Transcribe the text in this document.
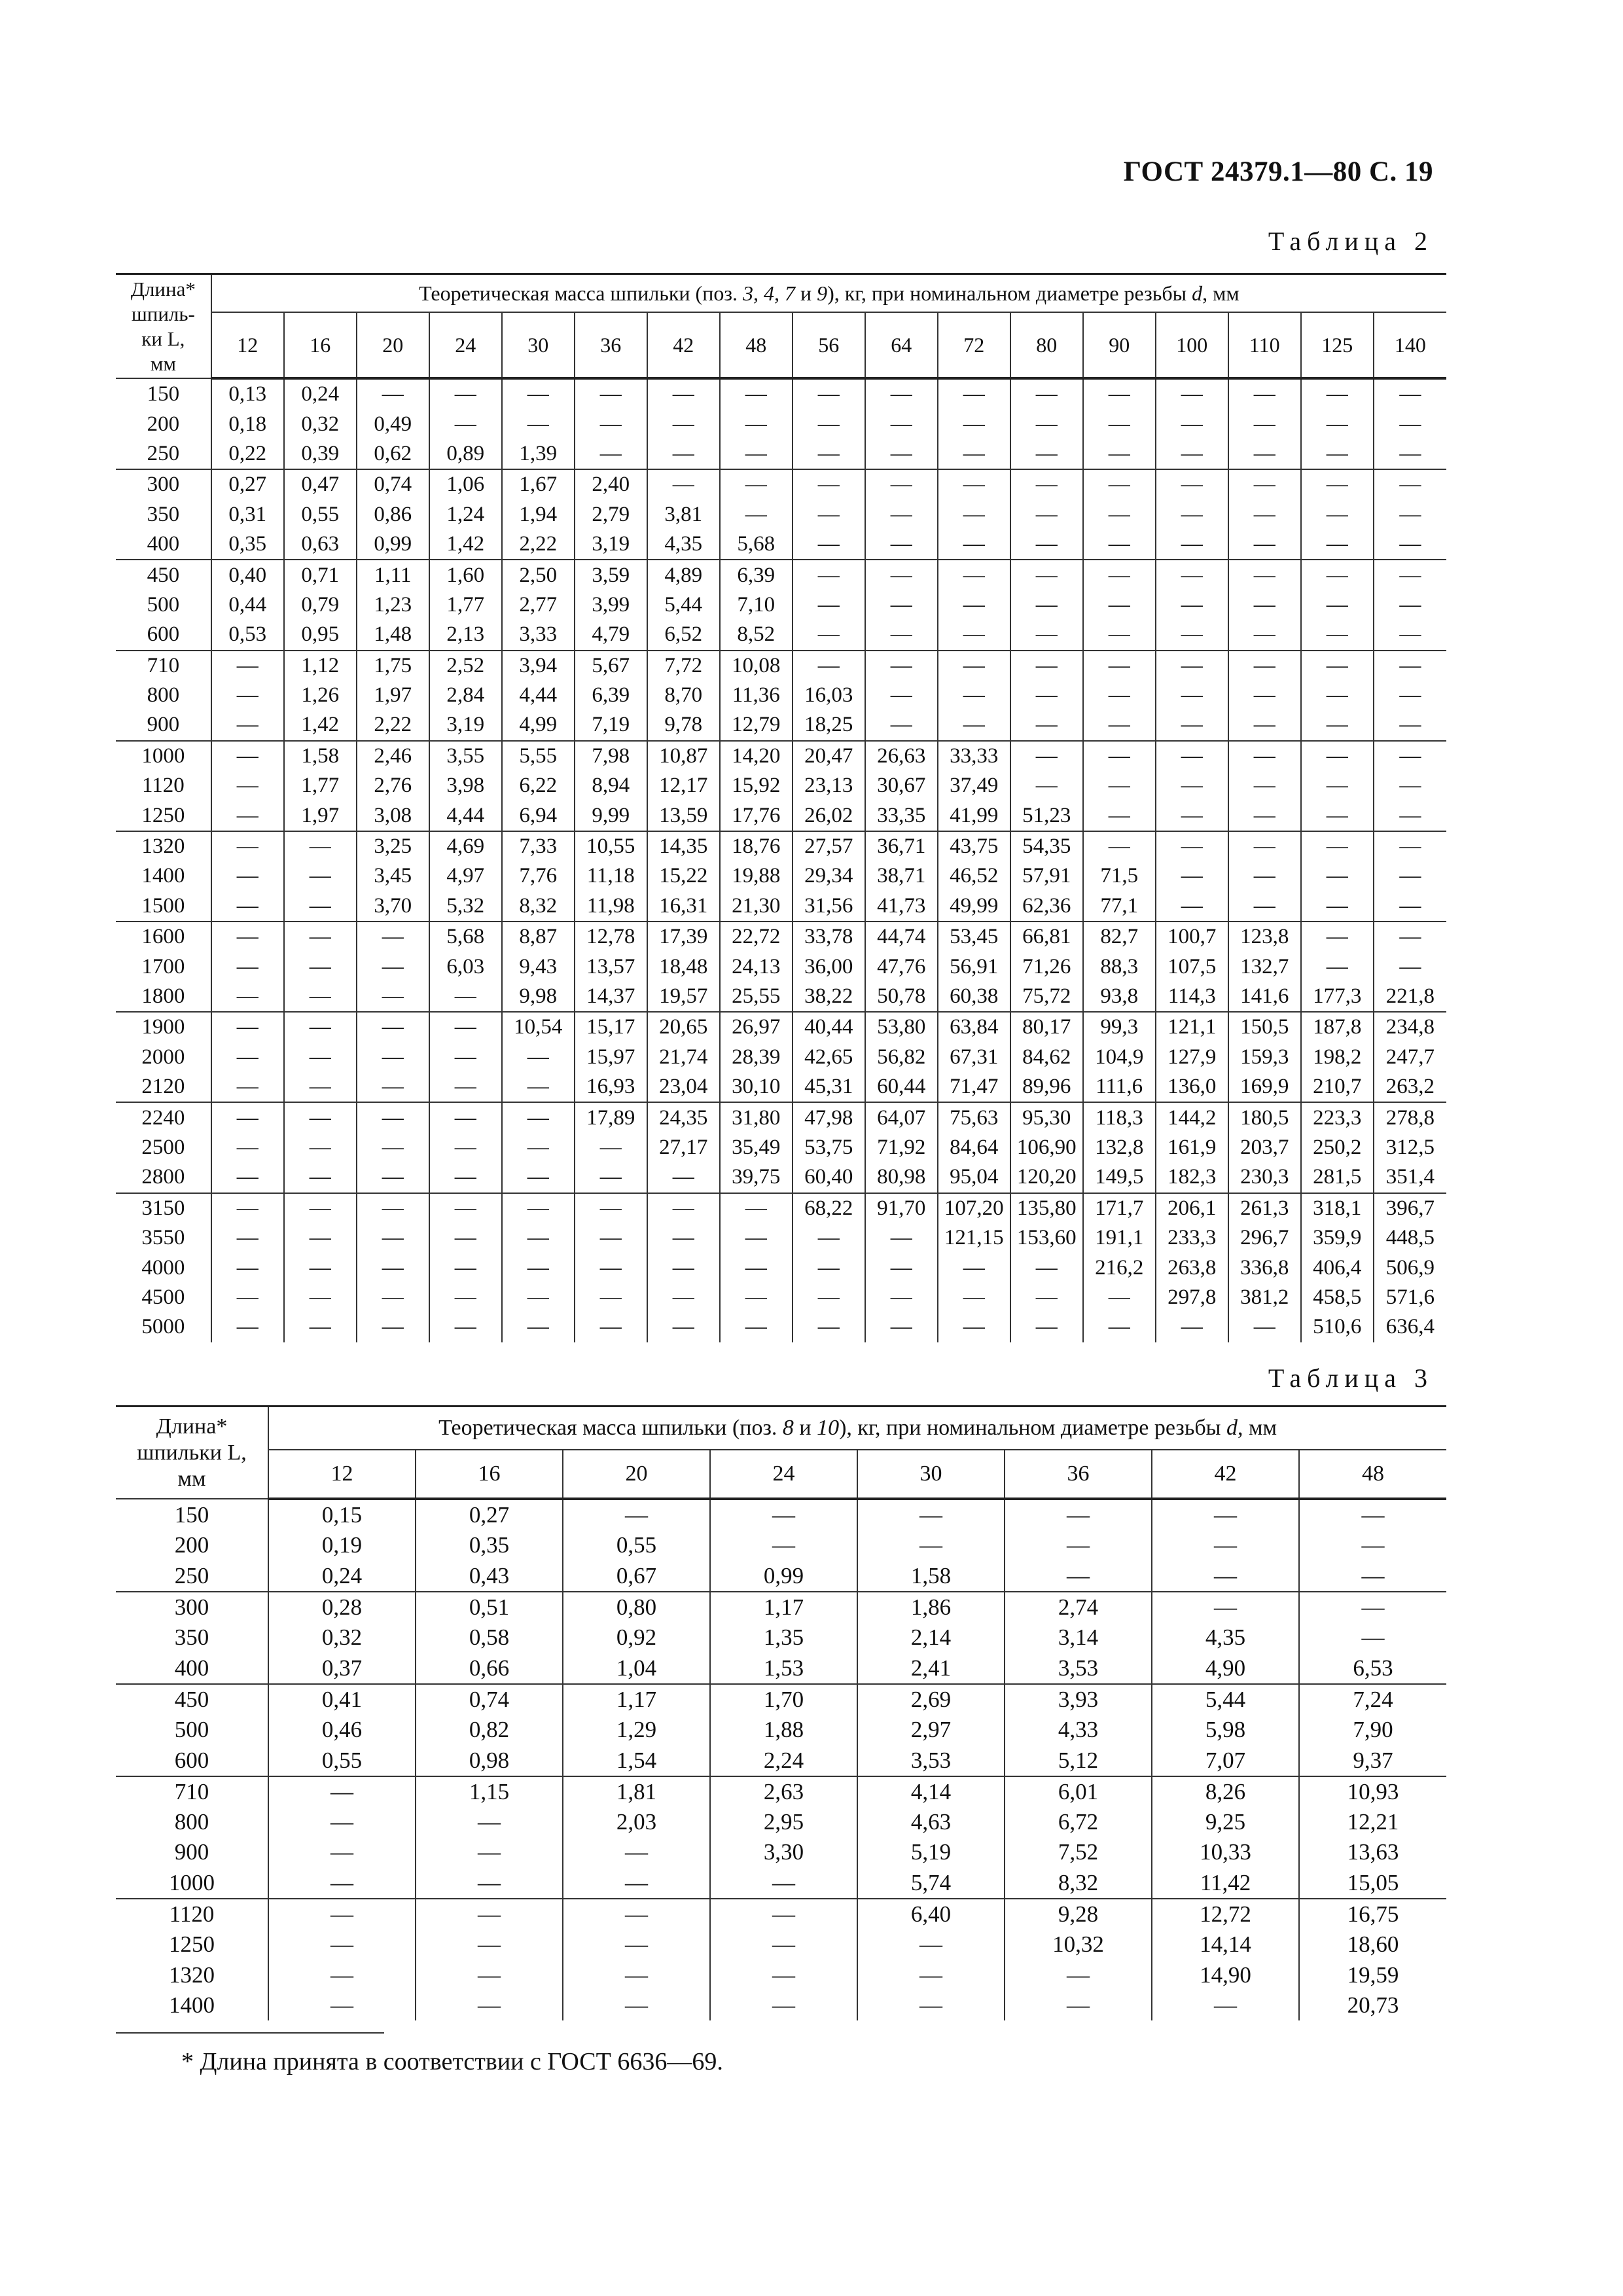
ГОСТ 24379.1—80 С. 19
Таблица 2
Длина*
шпиль-
ки L,
мм	Теоретическая масса шпильки (поз. 3, 4, 7 и 9), кг, при номинальном диаметре резьбы d, мм																
	12	16	20	24	30	36	42	48	56	64	72	80	90	100	110	125	140
150	0,13	0,24	—	—	—	—	—	—	—	—	—	—	—	—	—	—	—
200	0,18	0,32	0,49	—	—	—	—	—	—	—	—	—	—	—	—	—	—
250	0,22	0,39	0,62	0,89	1,39	—	—	—	—	—	—	—	—	—	—	—	—
300	0,27	0,47	0,74	1,06	1,67	2,40	—	—	—	—	—	—	—	—	—	—	—
350	0,31	0,55	0,86	1,24	1,94	2,79	3,81	—	—	—	—	—	—	—	—	—	—
400	0,35	0,63	0,99	1,42	2,22	3,19	4,35	5,68	—	—	—	—	—	—	—	—	—
450	0,40	0,71	1,11	1,60	2,50	3,59	4,89	6,39	—	—	—	—	—	—	—	—	—
500	0,44	0,79	1,23	1,77	2,77	3,99	5,44	7,10	—	—	—	—	—	—	—	—	—
600	0,53	0,95	1,48	2,13	3,33	4,79	6,52	8,52	—	—	—	—	—	—	—	—	—
710	—	1,12	1,75	2,52	3,94	5,67	7,72	10,08	—	—	—	—	—	—	—	—	—
800	—	1,26	1,97	2,84	4,44	6,39	8,70	11,36	16,03	—	—	—	—	—	—	—	—
900	—	1,42	2,22	3,19	4,99	7,19	9,78	12,79	18,25	—	—	—	—	—	—	—	—
1000	—	1,58	2,46	3,55	5,55	7,98	10,87	14,20	20,47	26,63	33,33	—	—	—	—	—	—
1120	—	1,77	2,76	3,98	6,22	8,94	12,17	15,92	23,13	30,67	37,49	—	—	—	—	—	—
1250	—	1,97	3,08	4,44	6,94	9,99	13,59	17,76	26,02	33,35	41,99	51,23	—	—	—	—	—
1320	—	—	3,25	4,69	7,33	10,55	14,35	18,76	27,57	36,71	43,75	54,35	—	—	—	—	—
1400	—	—	3,45	4,97	7,76	11,18	15,22	19,88	29,34	38,71	46,52	57,91	71,5	—	—	—	—
1500	—	—	3,70	5,32	8,32	11,98	16,31	21,30	31,56	41,73	49,99	62,36	77,1	—	—	—	—
1600	—	—	—	5,68	8,87	12,78	17,39	22,72	33,78	44,74	53,45	66,81	82,7	100,7	123,8	—	—
1700	—	—	—	6,03	9,43	13,57	18,48	24,13	36,00	47,76	56,91	71,26	88,3	107,5	132,7	—	—
1800	—	—	—	—	9,98	14,37	19,57	25,55	38,22	50,78	60,38	75,72	93,8	114,3	141,6	177,3	221,8
1900	—	—	—	—	10,54	15,17	20,65	26,97	40,44	53,80	63,84	80,17	99,3	121,1	150,5	187,8	234,8
2000	—	—	—	—	—	15,97	21,74	28,39	42,65	56,82	67,31	84,62	104,9	127,9	159,3	198,2	247,7
2120	—	—	—	—	—	16,93	23,04	30,10	45,31	60,44	71,47	89,96	111,6	136,0	169,9	210,7	263,2
2240	—	—	—	—	—	17,89	24,35	31,80	47,98	64,07	75,63	95,30	118,3	144,2	180,5	223,3	278,8
2500	—	—	—	—	—	—	27,17	35,49	53,75	71,92	84,64	106,90	132,8	161,9	203,7	250,2	312,5
2800	—	—	—	—	—	—	—	39,75	60,40	80,98	95,04	120,20	149,5	182,3	230,3	281,5	351,4
3150	—	—	—	—	—	—	—	—	68,22	91,70	107,20	135,80	171,7	206,1	261,3	318,1	396,7
3550	—	—	—	—	—	—	—	—	—	—	121,15	153,60	191,1	233,3	296,7	359,9	448,5
4000	—	—	—	—	—	—	—	—	—	—	—	—	216,2	263,8	336,8	406,4	506,9
4500	—	—	—	—	—	—	—	—	—	—	—	—	—	297,8	381,2	458,5	571,6
5000	—	—	—	—	—	—	—	—	—	—	—	—	—	—	—	510,6	636,4
Таблица 3
Длина*
шпильки L,
мм	Теоретическая масса шпильки (поз. 8 и 10), кг, при номинальном диаметре резьбы d, мм							
	12	16	20	24	30	36	42	48
150	0,15	0,27	—	—	—	—	—	—
200	0,19	0,35	0,55	—	—	—	—	—
250	0,24	0,43	0,67	0,99	1,58	—	—	—
300	0,28	0,51	0,80	1,17	1,86	2,74	—	—
350	0,32	0,58	0,92	1,35	2,14	3,14	4,35	—
400	0,37	0,66	1,04	1,53	2,41	3,53	4,90	6,53
450	0,41	0,74	1,17	1,70	2,69	3,93	5,44	7,24
500	0,46	0,82	1,29	1,88	2,97	4,33	5,98	7,90
600	0,55	0,98	1,54	2,24	3,53	5,12	7,07	9,37
710	—	1,15	1,81	2,63	4,14	6,01	8,26	10,93
800	—	—	2,03	2,95	4,63	6,72	9,25	12,21
900	—	—	—	3,30	5,19	7,52	10,33	13,63
1000	—	—	—	—	5,74	8,32	11,42	15,05
1120	—	—	—	—	6,40	9,28	12,72	16,75
1250	—	—	—	—	—	10,32	14,14	18,60
1320	—	—	—	—	—	—	14,90	19,59
1400	—	—	—	—	—	—	—	20,73
* Длина принята в соответствии с ГОСТ 6636—69.
